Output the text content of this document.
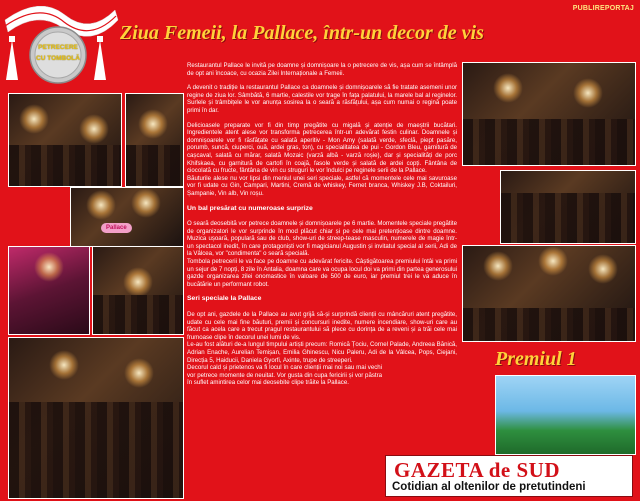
PUBLIREPORTAJ
PETRECERE
CU TOMBOLĂ
Ziua Femeii, la Pallace, într-un decor de vis
Pallace

Restaurantul Pallace le invită pe doamne și domnișoare la o petrecere de vis, așa cum se întâmplă de opt ani încoace, cu ocazia Zilei Internaționale a Femeii.

A devenit o tradiție la restaurantul Pallace ca doamnele și domnișoarele să fie tratate asemeni unor regine de ziua lor. Sâmbătă, 6 martie, calestile vor trage în fața palatului, la marele bal al reginelor. Surlele și trâmbițele le vor anunța sosirea la o seară a răsfățului, așa cum numai o regină poate primi în dar.

Delicioasele preparate vor fi din timp pregătite cu migală și atenție de maeștrii bucătari. Ingredientele atent alese vor transforma petrecerea într-un adevărat festin culinar. Doamnele și domnișoarele vor fi răsfățate cu salată aperitiv - Mon Amy (salată verde, sfeclă, piept pasăre, porumb, suncă, ciuperci, ouă, ardei gras, ton), cu specialitatea de pui - Gordon Bleu, garnitură de cașcaval, salată cu mărar, salată Mozaic (varză albă - varză roșie), dar și specialități de porc Khifskaea, cu garnitură de cartofi în coajă, fasole verde și salată de ardei copți. Fântâna de ciocolată cu fructe, fântâna de vin cu struguri le vor îndulci pe reginele serii de la Pallace.

Băuturile alese nu vor lipsi din meniul unei seri speciale, astfel că momentele cele mai savuroase vor fi udate cu Gin, Campari, Martini, Cremă de whiskey, Fernet branca, Whiskey J.B, Coktailuri, Șampanie, Vin alb, Vin roșu.

Un bal presărat cu numeroase surprize

O seară deosebită vor petrece doamnele și domnișoarele pe 6 martie. Momentele speciale pregătite de organizatori le vor surprinde în mod plăcut chiar și pe cele mai pretențioase dintre doamne. Muzica ușoară, populară sau de club, show-uri de streep-tease masculin, numerele de magie într-un spectacol inedit, în care protagoniști vor fi magicianul Augustin și invitatul special al serii, Adi de la Vâlcea, vor "condimenta" o seară specială.

Tombola petrecerii le va face pe doamne cu adevărat fericite. Câștigătoarea premiului întâi va primi un sejur de 7 nopți, 8 zile în Antalia, doamna care va ocupa locul doi va primi din partea generosului gazde organizarea zilei onomastice în valoare de 500 de euro, iar premiul trei le va aduce în bucătărie un performant robot.

Seri speciale la Pallace

De opt ani, gazdele de la Pallace au avut grijă să-și surprindă clienții cu mâncăruri atent pregătite, udate cu cele mai fine băuturi, premii și concursuri inedite, numere incendiare, show-uri care au făcut ca acela care a trecut pragul restaurantului să plece cu dorința de a reveni și a trăi cele mai frumoase clipe în decorul unei lumi de vis.

Le-au fost alături de-a lungul timpului artiști precum: Romică Țociu, Cornel Palade, Andreea Bănică, Adrian Enache, Aurelian Temișan, Emilia Ghinescu, Nicu Paleru, Adi de la Vâlcea, Pops, Ciejani, Direcția 5, Haiducii, Daniela Gyorfi, Axinte, trupe de streeperi.

Decorul cald și prietenos va fi locul în care clienții mai noi sau mai vechi vor petrece momente de neuitat. Vor gusta din cupa fericirii și vor păstra în suflet amintirea celor mai deosebite clipe trăite la Pallace.

Premiul 1
GAZETA de SUD
Cotidian al oltenilor de pretutindeni
